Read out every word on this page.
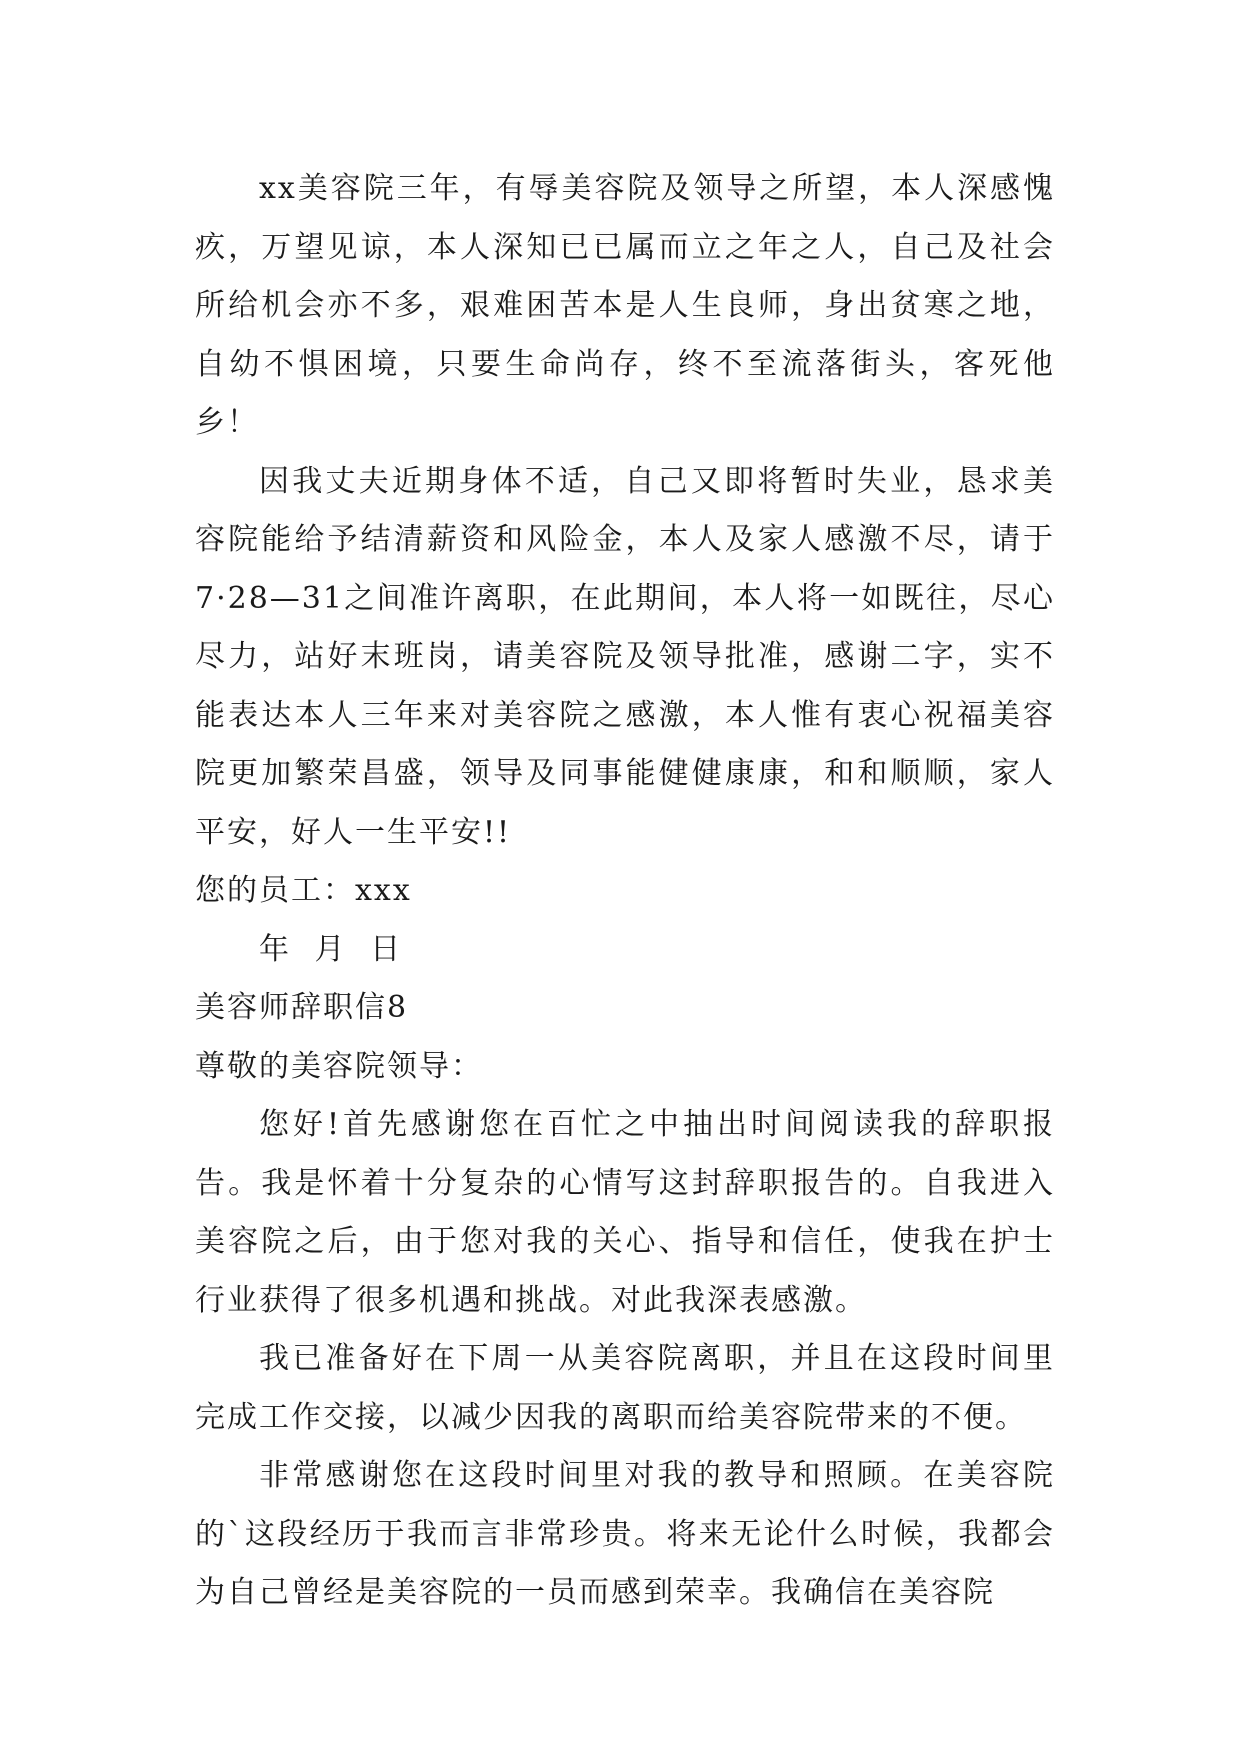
xx美容院三年，有辱美容院及领导之所望，本人深感愧疚，万望见谅，本人深知已已属而立之年之人，自己及社会所给机会亦不多，艰难困苦本是人生良师，身出贫寒之地，自幼不惧困境，只要生命尚存，终不至流落街头，客死他乡！

因我丈夫近期身体不适，自己又即将暂时失业，恳求美容院能给予结清薪资和风险金，本人及家人感激不尽，请于7·28—31之间准许离职，在此期间，本人将一如既往，尽心尽力，站好末班岗，请美容院及领导批准，感谢二字，实不能表达本人三年来对美容院之感激，本人惟有衷心祝福美容院更加繁荣昌盛，领导及同事能健健康康，和和顺顺，家人平安，好人一生平安!!

您的员工：xxx

年 月 日

美容师辞职信8

尊敬的美容院领导：

您好!首先感谢您在百忙之中抽出时间阅读我的辞职报告。我是怀着十分复杂的心情写这封辞职报告的。自我进入美容院之后，由于您对我的关心、指导和信任，使我在护士行业获得了很多机遇和挑战。对此我深表感激。

我已准备好在下周一从美容院离职，并且在这段时间里完成工作交接，以减少因我的离职而给美容院带来的不便。

非常感谢您在这段时间里对我的教导和照顾。在美容院的`这段经历于我而言非常珍贵。将来无论什么时候，我都会为自己曾经是美容院的一员而感到荣幸。我确信在美容院
